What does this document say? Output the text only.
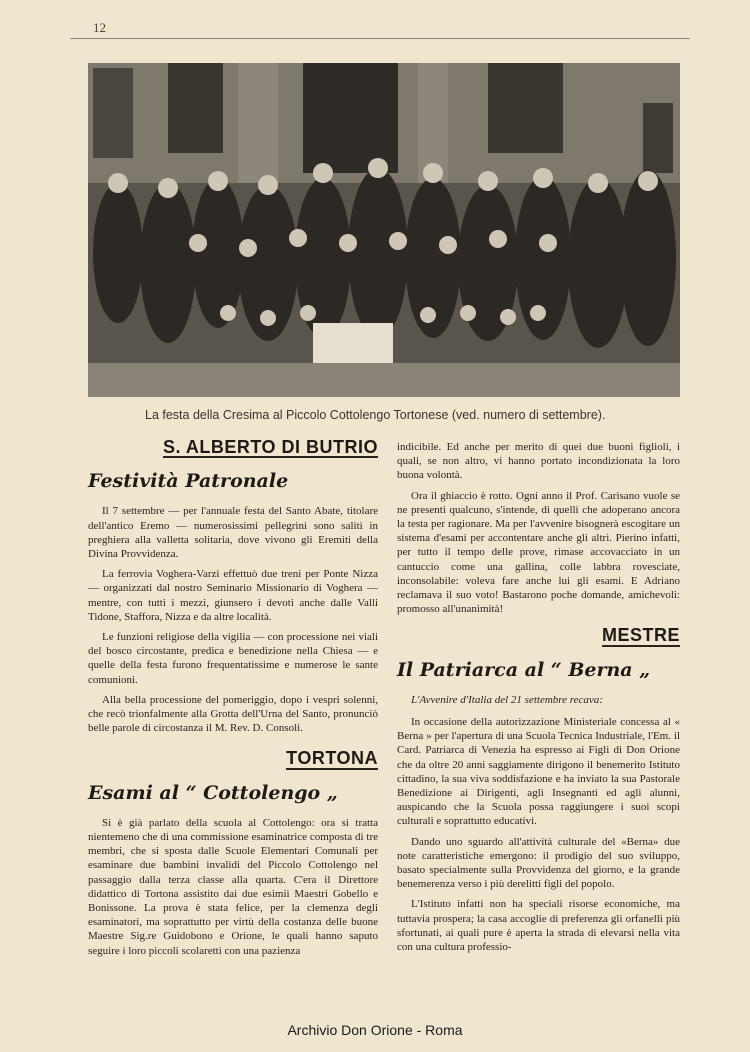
12
La festa della Cresima al Piccolo Cottolengo Tortonese (ved. numero di settembre).
S. ALBERTO DI BUTRIO
Festività Patronale

Il 7 settembre — per l'annuale festa del Santo Abate, titolare dell'antico Eremo — numerosissimi pellegrini sono saliti in preghiera alla valletta solitaria, dove vivono gli Eremiti della Divina Provvidenza.

La ferrovia Voghera-Varzi effettuò due treni per Ponte Nizza — organizzati dal nostro Seminario Missionario di Voghera — mentre, con tutti i mezzi, giunsero i devoti anche dalle Valli Tidone, Staffora, Nizza e da altre località.

Le funzioni religiose della vigilia — con processione nei viali del bosco circostante, predica e benedizione nella Chiesa — e quelle della festa furono frequentatissime e numerose le sante comunioni.

Alla bella processione del pomeriggio, dopo i vespri solenni, che recò trionfalmente alla Grotta dell'Urna del Santo, pronunciò belle parole di circostanza il M. Rev. D. Consoli.

TORTONA
Esami al “ Cottolengo „

Si è già parlato della scuola al Cottolengo: ora si tratta nientemeno che di una commissione esaminatrice composta di tre membri, che si sposta dalle Scuole Elementari Comunali per esaminare due bambini invalidi del Piccolo Cottolengo nel passaggio dalla terza classe alla quarta. C'era il Direttore didattico di Tortona assistito dai due esimii Maestri Gobello e Bonissone. La prova è stata felice, per la clemenza degli esaminatori, ma soprattutto per virtù della costanza delle buone Maestre Sig.re Guidobono e Orione, le quali hanno saputo seguire i loro piccoli scolaretti con una pazienza

indicibile. Ed anche per merito di quei due buoni figlioli, i quali, se non altro, vi hanno portato incondizionata la loro buona volontà.

Ora il ghiaccio è rotto. Ogni anno il Prof. Carisano vuole se ne presenti qualcuno, s'intende, di quelli che adoperano ancora la testa per ragionare. Ma per l'avvenire bisognerà escogitare un sistema d'esami per accontentare anche gli altri. Pierino infatti, per tutto il tempo delle prove, rimase accovacciato in un cantuccio come una gallina, colle labbra rovesciate, inconsolabile: voleva fare anche lui gli esami. E Adriano reclamava il suo voto! Bastarono poche domande, amichevoli: promosso all'unanimità!

MESTRE
Il Patriarca al “ Berna „
L'Avvenire d'Italia del 21 settembre recava:

In occasione della autorizzazione Ministeriale concessa al « Berna » per l'apertura di una Scuola Tecnica Industriale, l'Em. il Card. Patriarca di Venezia ha espresso ai Figli di Don Orione che da oltre 20 anni saggiamente dirigono il benemerito Istituto cittadino, la sua viva soddisfazione e ha inviato la sua Pastorale Benedizione ai Dirigenti, agli Insegnanti ed agli alunni, auspicando che la Scuola possa raggiungere i suoi scopi culturali e soprattutto educativi.

Dando uno sguardo all'attività culturale del «Berna» due note caratteristiche emergono: il prodigio del suo sviluppo, basato specialmente sulla Provvidenza del giorno, e la grande benemerenza verso i più derelitti figli del popolo.

L'Istituto infatti non ha speciali risorse economiche, ma tuttavia prospera; la casa accoglie di preferenza gli orfanelli più sfortunati, ai quali pure è aperta la strada di elevarsi nella vita con una cultura professio-

Archivio Don Orione - Roma
